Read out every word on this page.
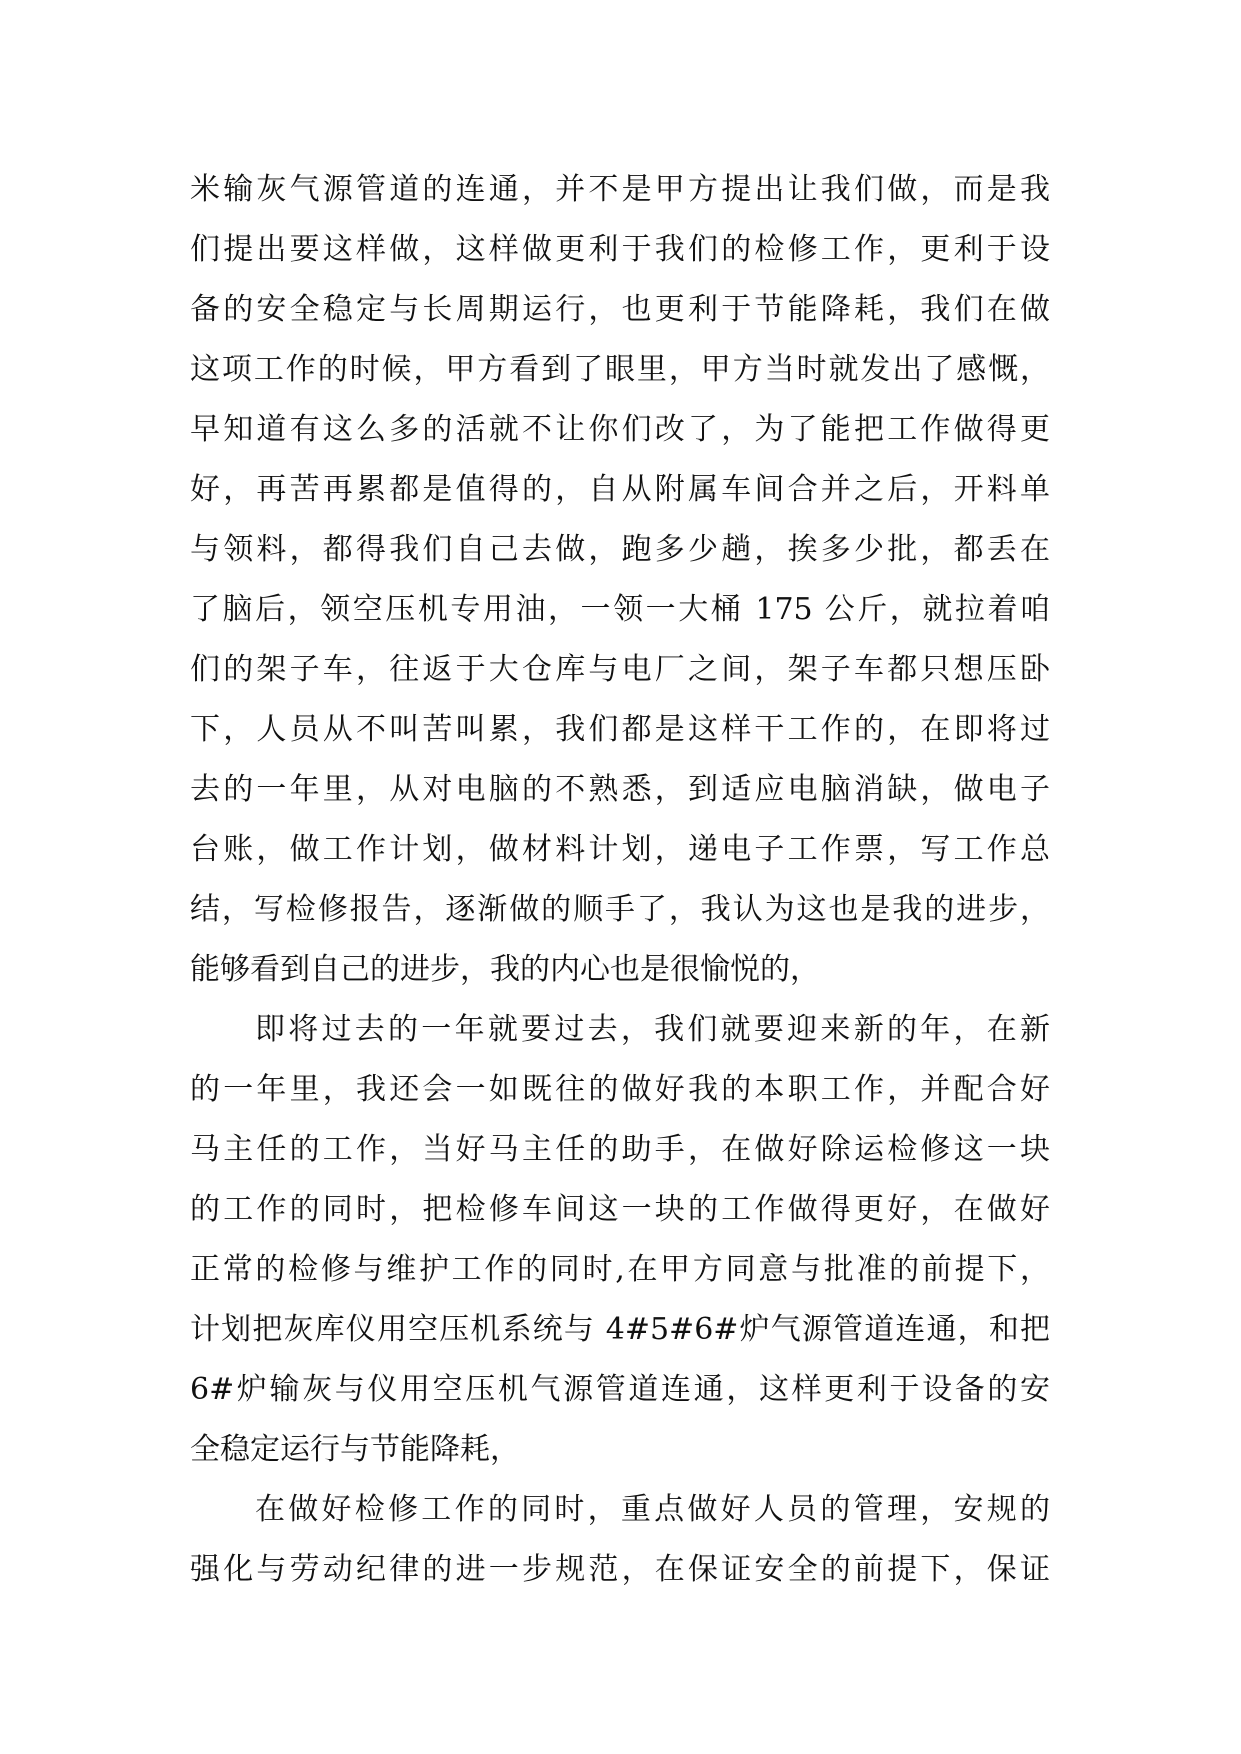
米输灰气源管道的连通，并不是甲方提出让我们做，而是我
们提出要这样做，这样做更利于我们的检修工作，更利于设
备的安全稳定与长周期运行，也更利于节能降耗，我们在做
这项工作的时候，甲方看到了眼里，甲方当时就发出了感慨，
早知道有这么多的活就不让你们改了，为了能把工作做得更
好，再苦再累都是值得的，自从附属车间合并之后，开料单
与领料，都得我们自己去做，跑多少趟，挨多少批，都丢在
了脑后，领空压机专用油，一领一大桶 175 公斤，就拉着咱
们的架子车，往返于大仓库与电厂之间，架子车都只想压卧
下，人员从不叫苦叫累，我们都是这样干工作的，在即将过
去的一年里，从对电脑的不熟悉，到适应电脑消缺，做电子
台账，做工作计划，做材料计划，递电子工作票，写工作总
结，写检修报告，逐渐做的顺手了，我认为这也是我的进步，
能够看到自己的进步，我的内心也是很愉悦的，
即将过去的一年就要过去，我们就要迎来新的年，在新
的一年里，我还会一如既往的做好我的本职工作，并配合好
马主任的工作，当好马主任的助手，在做好除运检修这一块
的工作的同时，把检修车间这一块的工作做得更好，在做好
正常的检修与维护工作的同时,在甲方同意与批准的前提下，
计划把灰库仪用空压机系统与 4#5#6#炉气源管道连通，和把
6#炉输灰与仪用空压机气源管道连通，这样更利于设备的安
全稳定运行与节能降耗，
在做好检修工作的同时，重点做好人员的管理，安规的
强化与劳动纪律的进一步规范，在保证安全的前提下，保证
